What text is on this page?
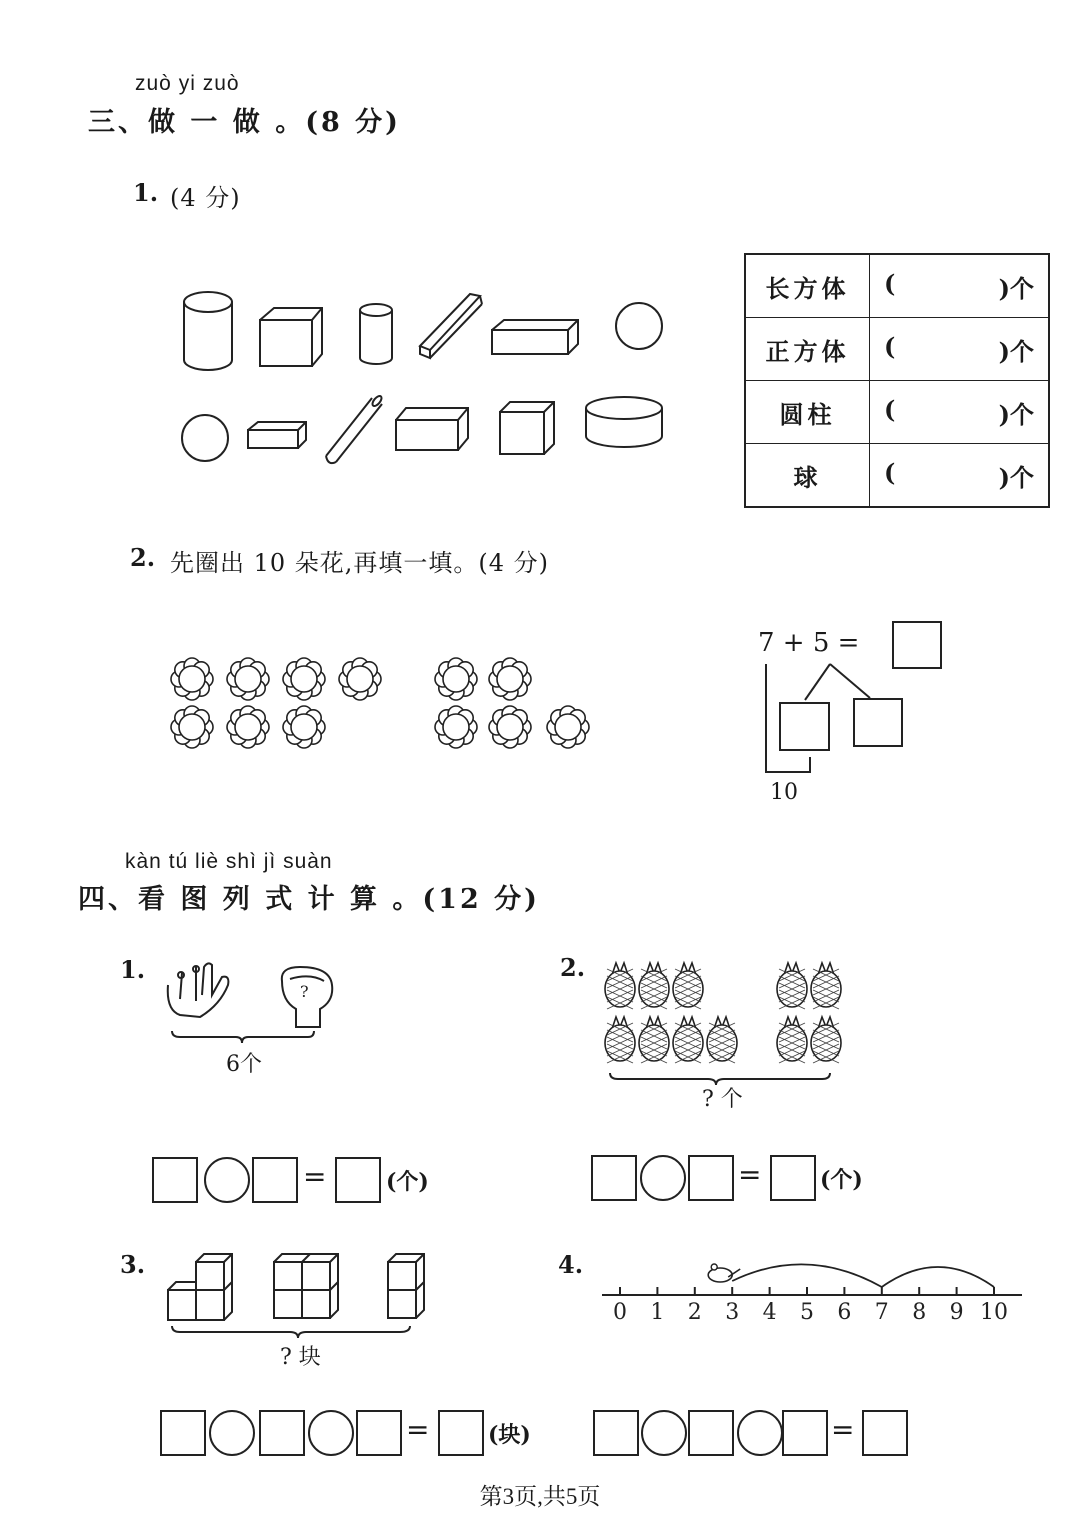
zuò yi zuò
三、做 一 做 。(8 分)
1. (4 分)
长方体	( )个

正方体	( )个

圆柱	( )个

球	( )个
2. 先圈出 10 朵花,再填一填。(4 分)
7 + 5 =
10
kàn tú liè shì jì suàn
四、看 图 列 式 计 算 。(12 分)
1.
?
6个
=	(个)
2.
? 个
=	(个)
3.
? 块
=	(块)
4.
0 1 2 3 4 5 6 7 8 9 10
=
第3页,共5页
